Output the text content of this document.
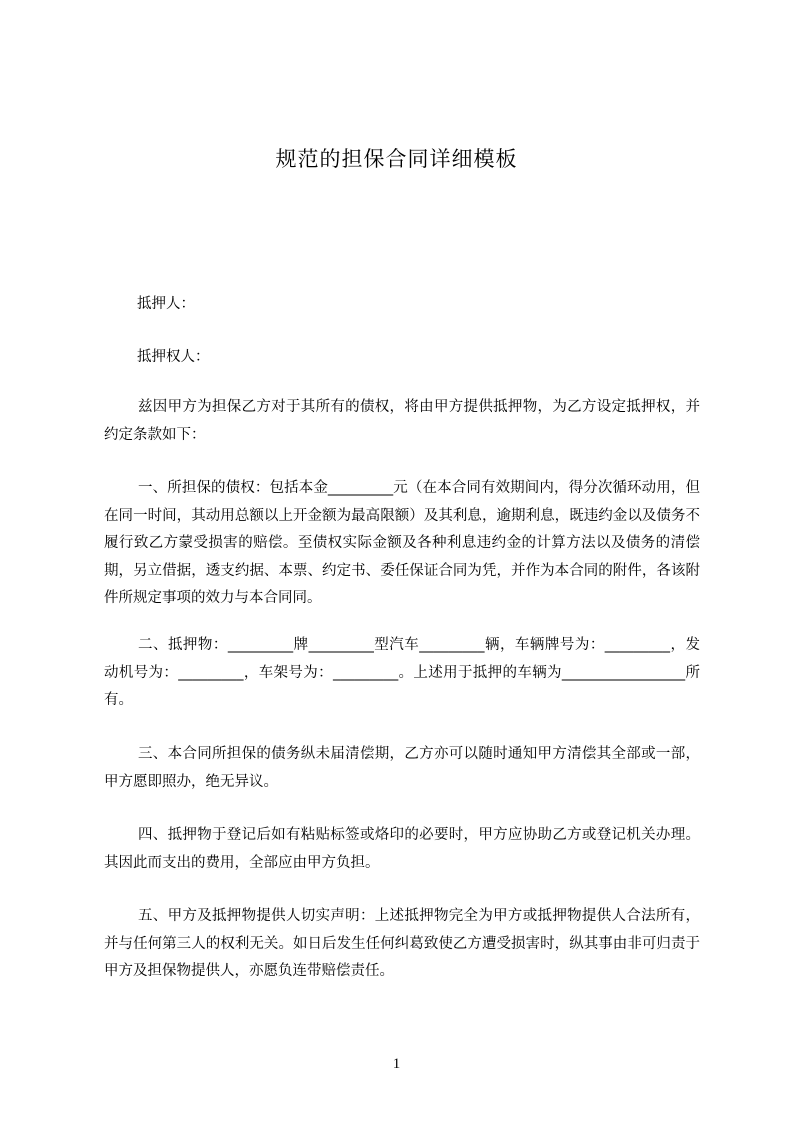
规范的担保合同详细模板
抵押人：
抵押权人：
兹因甲方为担保乙方对于其所有的债权，将由甲方提供抵押物，为乙方设定抵押权，并约定条款如下：
一、所担保的债权：包括本金_________元（在本合同有效期间内，得分次循环动用，但在同一时间，其动用总额以上开金额为最高限额）及其利息，逾期利息，既违约金以及债务不履行致乙方蒙受损害的赔偿。至债权实际金额及各种利息违约金的计算方法以及债务的清偿期，另立借据，透支约据、本票、约定书、委任保证合同为凭，并作为本合同的附件，各该附件所规定事项的效力与本合同同。
二、抵押物：_________牌_________型汽车_________辆，车辆牌号为：_________，发动机号为：_________，车架号为：_________。上述用于抵押的车辆为_________________所有。
三、本合同所担保的债务纵未届清偿期，乙方亦可以随时通知甲方清偿其全部或一部，甲方愿即照办，绝无异议。
四、抵押物于登记后如有粘贴标签或烙印的必要时，甲方应协助乙方或登记机关办理。其因此而支出的费用，全部应由甲方负担。
五、甲方及抵押物提供人切实声明：上述抵押物完全为甲方或抵押物提供人合法所有，并与任何第三人的权利无关。如日后发生任何纠葛致使乙方遭受损害时，纵其事由非可归责于甲方及担保物提供人，亦愿负连带赔偿责任。
1
